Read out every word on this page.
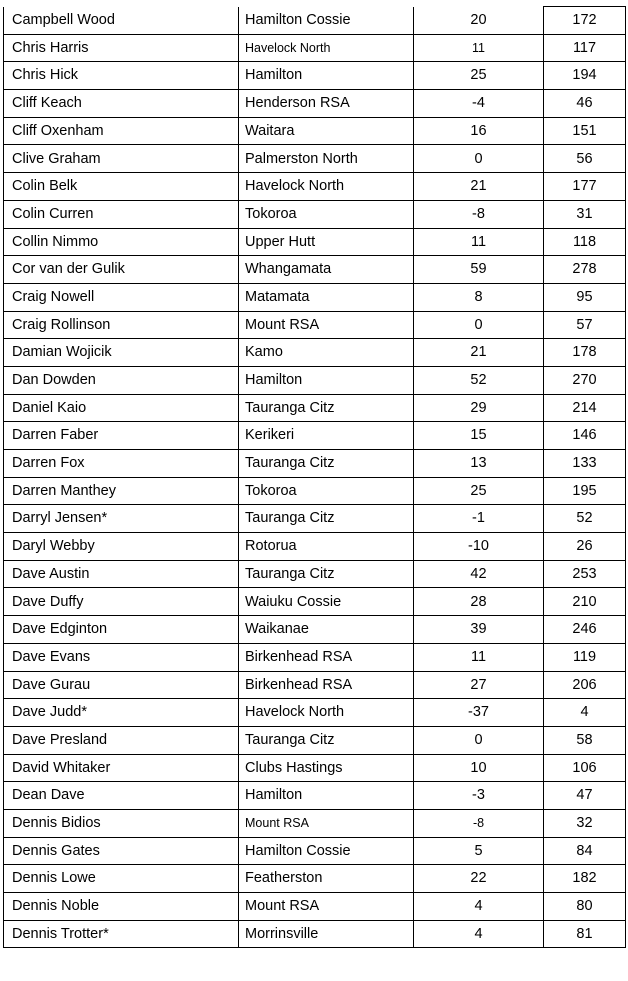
Campbell Wood	Hamilton Cossie	20	172
Chris Harris	Havelock North	11	117
Chris Hick	Hamilton	25	194
Cliff Keach	Henderson RSA	-4	46
Cliff Oxenham	Waitara	16	151
Clive Graham	Palmerston North	0	56
Colin Belk	Havelock North	21	177
Colin Curren	Tokoroa	-8	31
Collin Nimmo	Upper Hutt	11	118
Cor van der Gulik	Whangamata	59	278
Craig Nowell	Matamata	8	95
Craig Rollinson	Mount RSA	0	57
Damian Wojicik	Kamo	21	178
Dan Dowden	Hamilton	52	270
Daniel Kaio	Tauranga Citz	29	214
Darren Faber	Kerikeri	15	146
Darren Fox	Tauranga Citz	13	133
Darren Manthey	Tokoroa	25	195
Darryl Jensen*	Tauranga Citz	-1	52
Daryl Webby	Rotorua	-10	26
Dave Austin	Tauranga Citz	42	253
Dave Duffy	Waiuku Cossie	28	210
Dave Edginton	Waikanae	39	246
Dave Evans	Birkenhead RSA	11	119
Dave Gurau	Birkenhead RSA	27	206
Dave Judd*	Havelock North	-37	4
Dave Presland	Tauranga Citz	0	58
David Whitaker	Clubs Hastings	10	106
Dean Dave	Hamilton	-3	47
Dennis Bidios	Mount RSA	-8	32
Dennis Gates	Hamilton Cossie	5	84
Dennis Lowe	Featherston	22	182
Dennis Noble	Mount RSA	4	80
Dennis Trotter*	Morrinsville	4	81
